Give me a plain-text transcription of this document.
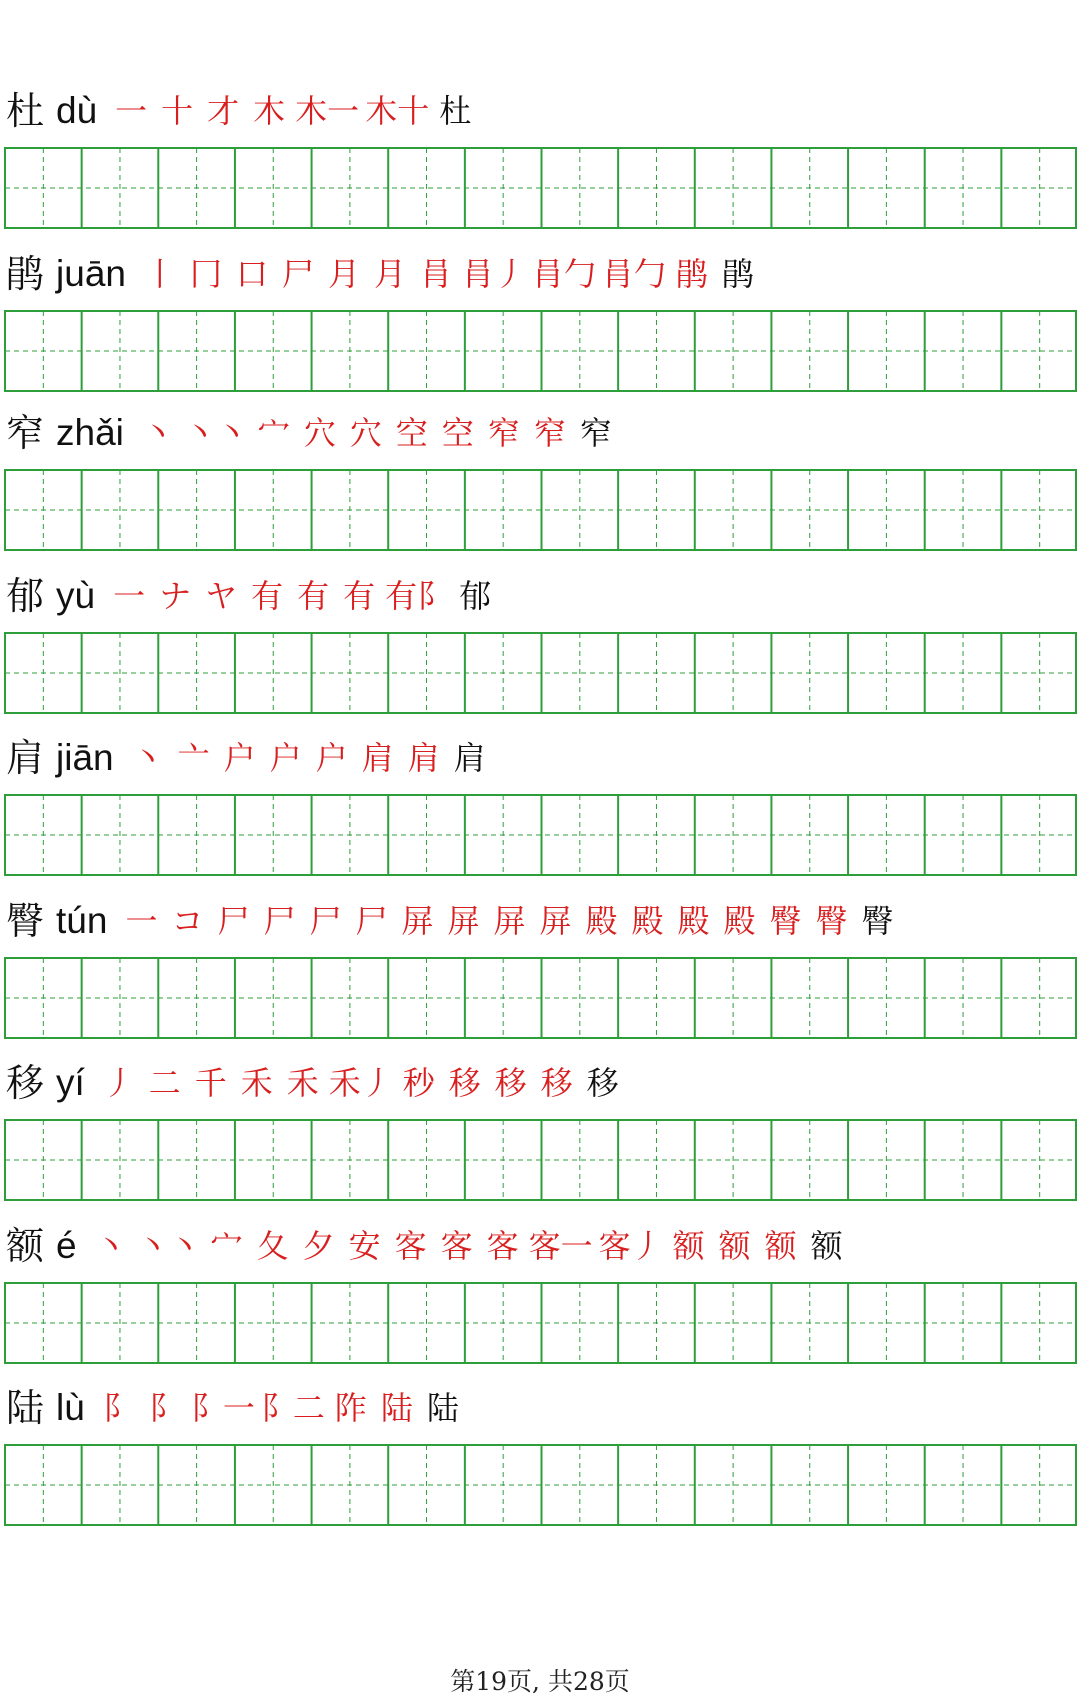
杜 dù 一 十 才 木 木一 木十 杜
鹃 juān 丨 冂 口 尸 月 月 肙 肙丿 肙勹 肙勹 鹃 鹃
窄 zhǎi 丶 丶丶 宀 穴 穴 空 空 窄 窄 窄
郁 yù 一 ナ ヤ 有 有 有 有阝 郁
肩 jiān 丶 亠 户 户 户 肩 肩 肩
臀 tún 一 コ 尸 尸 尸 尸 屏 屏 屏 屏 殿 殿 殿 殿 臀 臀 臀
移 yí 丿 二 千 禾 禾 禾丿 秒 移 移 移 移
额 é 丶 丶丶 宀 夂 夕 安 客 客 客 客一 客丿 额 额 额 额
陆 lù 阝 阝 阝一 阝二 阼 陆 陆
第19页, 共28页
